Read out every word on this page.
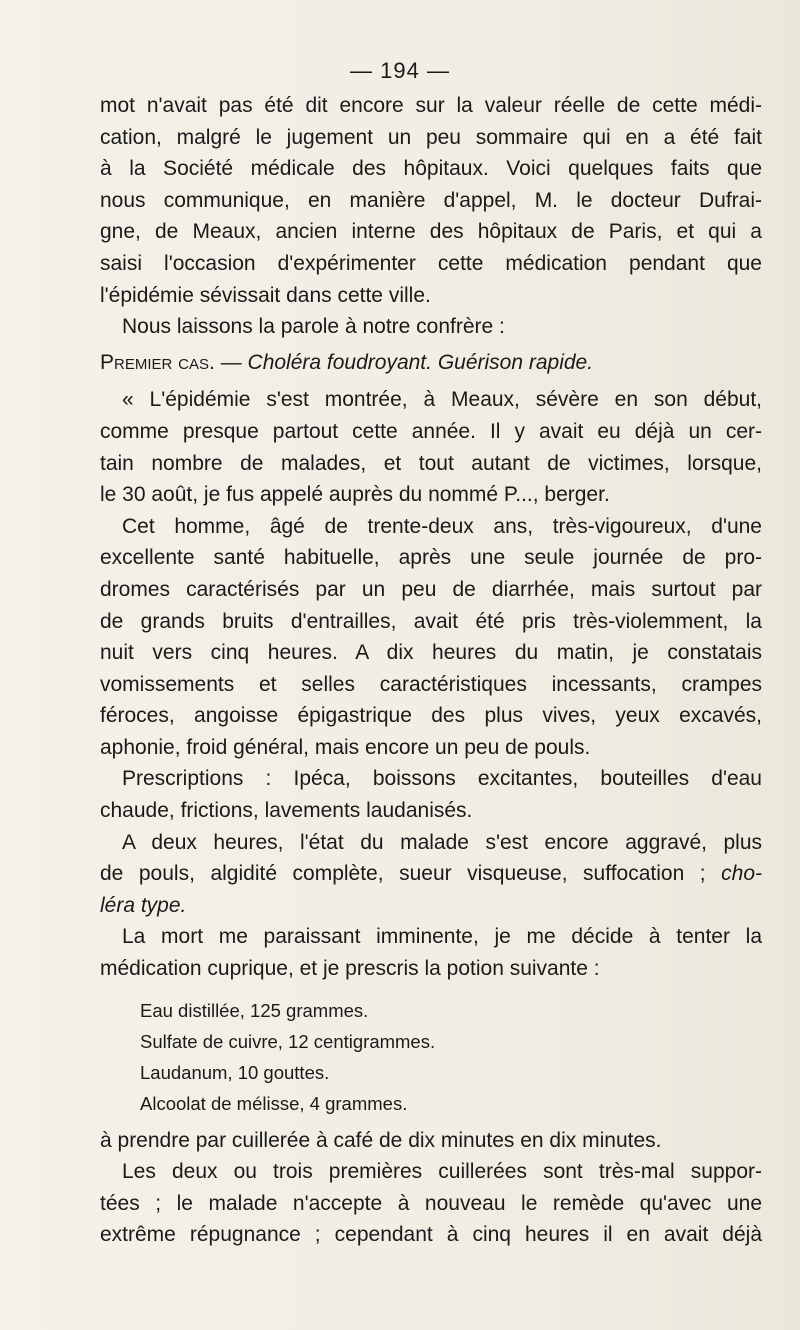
— 194 —
mot n'avait pas été dit encore sur la valeur réelle de cette médi-
cation, malgré le jugement un peu sommaire qui en a été fait
à la Société médicale des hôpitaux. Voici quelques faits que
nous communique, en manière d'appel, M. le docteur Dufrai-
gne, de Meaux, ancien interne des hôpitaux de Paris, et qui a
saisi l'occasion d'expérimenter cette médication pendant que
l'épidémie sévissait dans cette ville.
Nous laissons la parole à notre confrère :
Premier cas. — Choléra foudroyant. Guérison rapide.
« L'épidémie s'est montrée, à Meaux, sévère en son début,
comme presque partout cette année. Il y avait eu déjà un cer-
tain nombre de malades, et tout autant de victimes, lorsque,
le 30 août, je fus appelé auprès du nommé P..., berger.
Cet homme, âgé de trente-deux ans, très-vigoureux, d'une
excellente santé habituelle, après une seule journée de pro-
dromes caractérisés par un peu de diarrhée, mais surtout par
de grands bruits d'entrailles, avait été pris très-violemment, la
nuit vers cinq heures. A dix heures du matin, je constatais
vomissements et selles caractéristiques incessants, crampes
féroces, angoisse épigastrique des plus vives, yeux excavés,
aphonie, froid général, mais encore un peu de pouls.
Prescriptions : Ipéca, boissons excitantes, bouteilles d'eau
chaude, frictions, lavements laudanisés.
A deux heures, l'état du malade s'est encore aggravé, plus
de pouls, algidité complète, sueur visqueuse, suffocation ; cho-
léra type.
La mort me paraissant imminente, je me décide à tenter la
médication cuprique, et je prescris la potion suivante :
Eau distillée, 125 grammes.
Sulfate de cuivre, 12 centigrammes.
Laudanum, 10 gouttes.
Alcoolat de mélisse, 4 grammes.
à prendre par cuillerée à café de dix minutes en dix minutes.
Les deux ou trois premières cuillerées sont très-mal suppor-
tées ; le malade n'accepte à nouveau le remède qu'avec une
extrême répugnance ; cependant à cinq heures il en avait déjà
